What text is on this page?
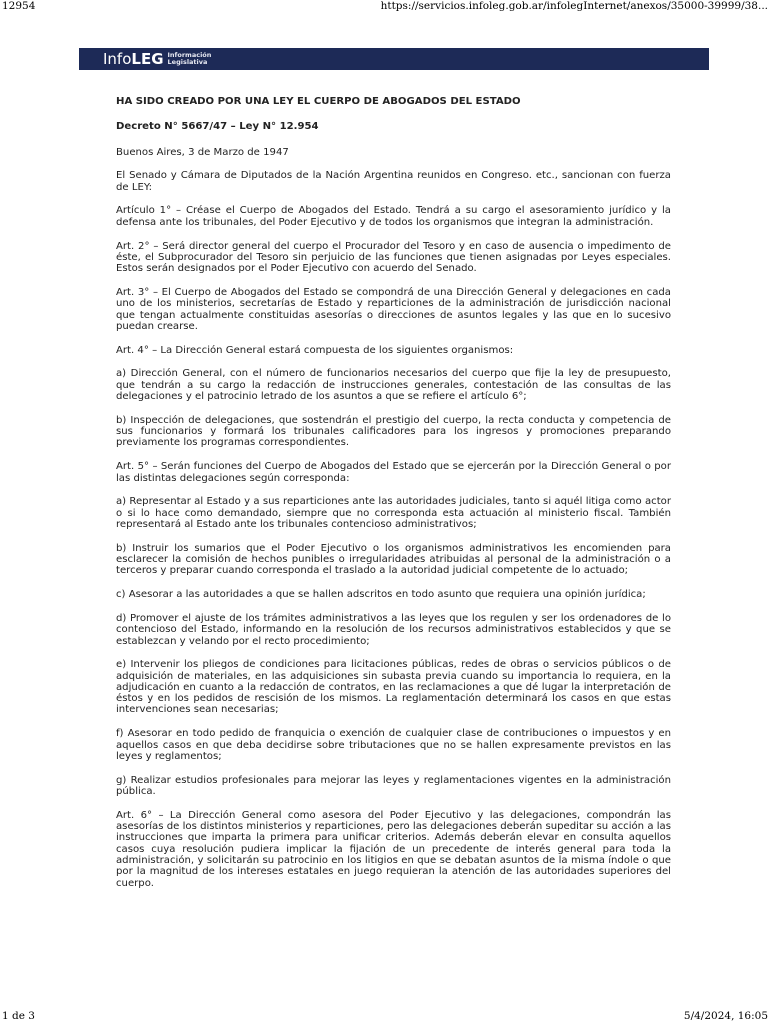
12954	https://servicios.infoleg.gob.ar/infolegInternet/anexos/35000-39999/38...
InfoLEG Información
Legislativa

HA SIDO CREADO POR UNA LEY EL CUERPO DE ABOGADOS DEL ESTADO

Decreto N° 5667/47 – Ley N° 12.954

Buenos Aires, 3 de Marzo de 1947

El Senado y Cámara de Diputados de la Nación Argentina reunidos en Congreso. etc., sancionan con fuerza de LEY:

Artículo 1° – Créase el Cuerpo de Abogados del Estado. Tendrá a su cargo el asesoramiento jurídico y la defensa ante los tribunales, del Poder Ejecutivo y de todos los organismos que integran la administración.

Art. 2° – Será director general del cuerpo el Procurador del Tesoro y en caso de ausencia o impedimento de éste, el Subprocurador del Tesoro sin perjuicio de las funciones que tienen asignadas por Leyes especiales. Estos serán designados por el Poder Ejecutivo con acuerdo del Senado.

Art. 3° – El Cuerpo de Abogados del Estado se compondrá de una Dirección General y delegaciones en cada uno de los ministerios, secretarías de Estado y reparticiones de la administración de jurisdicción nacional que tengan actualmente constituidas asesorías o direcciones de asuntos legales y las que en lo sucesivo puedan crearse.

Art. 4° – La Dirección General estará compuesta de los siguientes organismos:

a) Dirección General, con el número de funcionarios necesarios del cuerpo que fije la ley de presupuesto, que tendrán a su cargo la redacción de instrucciones generales, contestación de las consultas de las delegaciones y el patrocinio letrado de los asuntos a que se refiere el artículo 6°;

b) Inspección de delegaciones, que sostendrán el prestigio del cuerpo, la recta conducta y competencia de sus funcionarios y formará los tribunales calificadores para los ingresos y promociones preparando previamente los programas correspondientes.

Art. 5° – Serán funciones del Cuerpo de Abogados del Estado que se ejercerán por la Dirección General o por las distintas delegaciones según corresponda:

a) Representar al Estado y a sus reparticiones ante las autoridades judiciales, tanto si aquél litiga como actor o si lo hace como demandado, siempre que no corresponda esta actuación al ministerio fiscal. También representará al Estado ante los tribunales contencioso administrativos;

b) Instruir los sumarios que el Poder Ejecutivo o los organismos administrativos les encomienden para esclarecer la comisión de hechos punibles o irregularidades atribuidas al personal de la administración o a terceros y preparar cuando corresponda el traslado a la autoridad judicial competente de lo actuado;

c) Asesorar a las autoridades a que se hallen adscritos en todo asunto que requiera una opinión jurídica;

d) Promover el ajuste de los trámites administrativos a las leyes que los regulen y ser los ordenadores de lo contencioso del Estado, informando en la resolución de los recursos administrativos establecidos y que se establezcan y velando por el recto procedimiento;

e) Intervenir los pliegos de condiciones para licitaciones públicas, redes de obras o servicios públicos o de adquisición de materiales, en las adquisiciones sin subasta previa cuando su importancia lo requiera, en la adjudicación en cuanto a la redacción de contratos, en las reclamaciones a que dé lugar la interpretación de éstos y en los pedidos de rescisión de los mismos. La reglamentación determinará los casos en que estas intervenciones sean necesarias;

f) Asesorar en todo pedido de franquicia o exención de cualquier clase de contribuciones o impuestos y en aquellos casos en que deba decidirse sobre tributaciones que no se hallen expresamente previstos en las leyes y reglamentos;

g) Realizar estudios profesionales para mejorar las leyes y reglamentaciones vigentes en la administración pública.

Art. 6° – La Dirección General como asesora del Poder Ejecutivo y las delegaciones, compondrán las asesorías de los distintos ministerios y reparticiones, pero las delegaciones deberán supeditar su acción a las instrucciones que imparta la primera para unificar criterios. Además deberán elevar en consulta aquellos casos cuya resolución pudiera implicar la fijación de un precedente de interés general para toda la administración, y solicitarán su patrocinio en los litigios en que se debatan asuntos de la misma índole o que por la magnitud de los intereses estatales en juego requieran la atención de las autoridades superiores del cuerpo.

1 de 3	5/4/2024, 16:05
